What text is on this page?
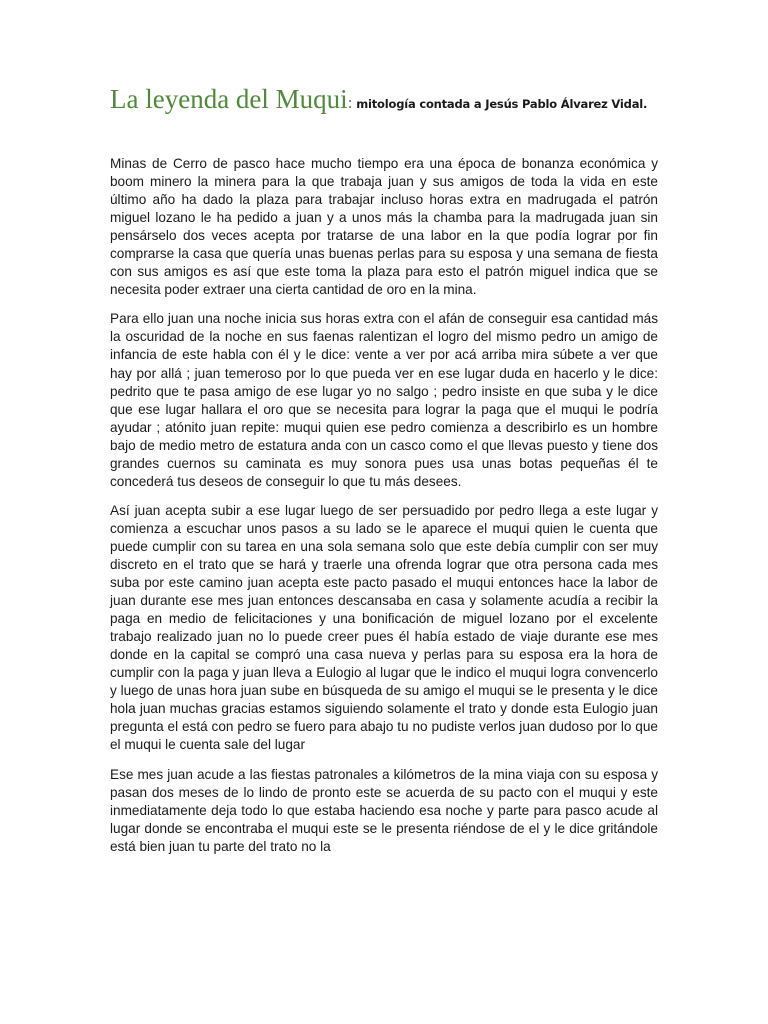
La leyenda del Muqui: mitología contada a Jesús Pablo Álvarez Vidal.

Minas de Cerro de pasco hace mucho tiempo era una época de bonanza económica y boom minero la minera para la que trabaja juan y sus amigos de toda la vida en este último año ha dado la plaza para trabajar incluso horas extra en madrugada el patrón miguel lozano le ha pedido a juan y a unos más la chamba para la madrugada juan sin pensárselo dos veces acepta por tratarse de una labor en la que podía lograr por fin comprarse la casa que quería unas buenas perlas para su esposa y una semana de fiesta con sus amigos es así que este toma la plaza para esto el patrón miguel indica que se necesita poder extraer una cierta cantidad de oro en la mina.

Para ello juan una noche inicia sus horas extra con el afán de conseguir esa cantidad más la oscuridad de la noche en sus faenas ralentizan el logro del mismo pedro un amigo de infancia de este habla con él y le dice: vente a ver por acá arriba mira súbete a ver que hay por allá ; juan temeroso por lo que pueda ver en ese lugar duda en hacerlo y le dice: pedrito que te pasa amigo de ese lugar yo no salgo ; pedro insiste en que suba y le dice que ese lugar hallara el oro que se necesita para lograr la paga que el muqui le podría ayudar ; atónito juan repite: muqui quien ese pedro comienza a describirlo es un hombre bajo de medio metro de estatura anda con un casco como el que llevas puesto y tiene dos grandes cuernos su caminata es muy sonora pues usa unas botas pequeñas él te concederá tus deseos de conseguir lo que tu más desees.

Así juan acepta subir a ese lugar luego de ser persuadido por pedro llega a este lugar y comienza a escuchar unos pasos a su lado se le aparece el muqui quien le cuenta que puede cumplir con su tarea en una sola semana solo que este debía cumplir con ser muy discreto en el trato que se hará y traerle una ofrenda lograr que otra persona cada mes suba por este camino juan acepta este pacto pasado el muqui entonces hace la labor de juan durante ese mes juan entonces descansaba en casa y solamente acudía a recibir la paga en medio de felicitaciones y una bonificación de miguel lozano por el excelente trabajo realizado juan no lo puede creer pues él había estado de viaje durante ese mes donde en la capital se compró una casa nueva y perlas para su esposa era la hora de cumplir con la paga y juan lleva a Eulogio al lugar que le indico el muqui logra convencerlo y luego de unas hora juan sube en búsqueda de su amigo el muqui se le presenta y le dice hola juan muchas gracias estamos siguiendo solamente el trato y donde esta Eulogio juan pregunta el está con pedro se fuero para abajo tu no pudiste verlos juan dudoso por lo que el muqui le cuenta sale del lugar

Ese mes juan acude a las fiestas patronales a kilómetros de la mina viaja con su esposa y pasan dos meses de lo lindo de pronto este se acuerda de su pacto con el muqui y este inmediatamente deja todo lo que estaba haciendo esa noche y parte para pasco acude al lugar donde se encontraba el muqui este se le presenta riéndose de el y le dice gritándole está bien juan tu parte del trato no la
